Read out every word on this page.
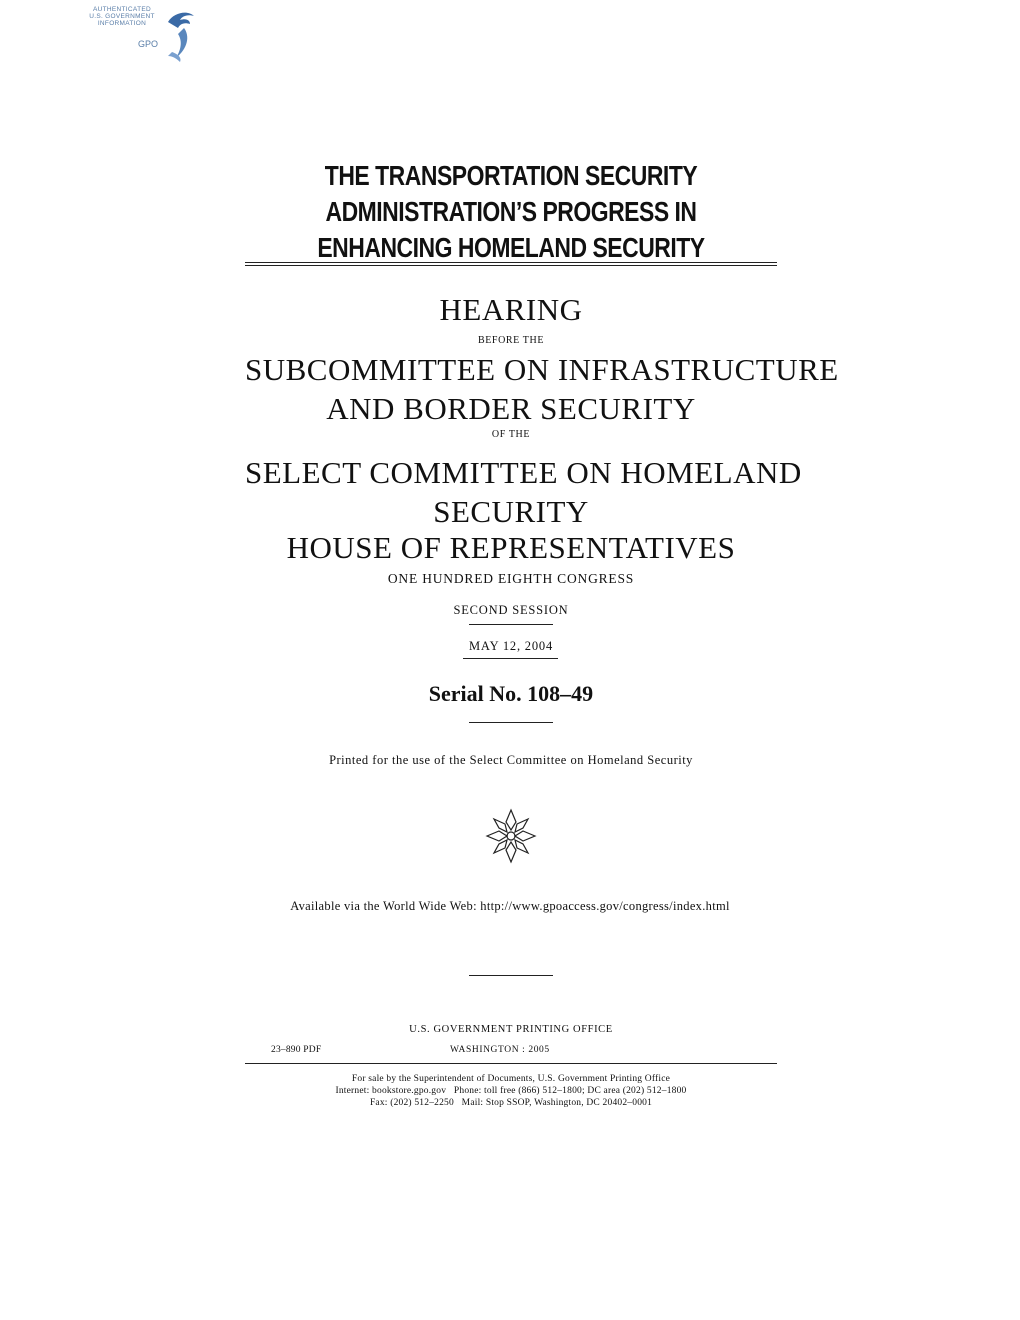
AUTHENTICATED
U.S. GOVERNMENT
INFORMATION
GPO
THE TRANSPORTATION SECURITY
ADMINISTRATION’S PROGRESS IN
ENHANCING HOMELAND SECURITY
HEARING
BEFORE THE
SUBCOMMITTEE ON INFRASTRUCTURE
AND BORDER SECURITY
OF THE
SELECT COMMITTEE ON HOMELAND
SECURITY
HOUSE OF REPRESENTATIVES
ONE HUNDRED EIGHTH CONGRESS
SECOND SESSION
MAY 12, 2004
Serial No. 108–49
Printed for the use of the Select Committee on Homeland Security
Available via the World Wide Web: http://www.gpoaccess.gov/congress/index.html
U.S. GOVERNMENT PRINTING OFFICE
23–890 PDF	WASHINGTON : 2005
For sale by the Superintendent of Documents, U.S. Government Printing Office
Internet: bookstore.gpo.gov   Phone: toll free (866) 512–1800; DC area (202) 512–1800
Fax: (202) 512–2250   Mail: Stop SSOP, Washington, DC 20402–0001
